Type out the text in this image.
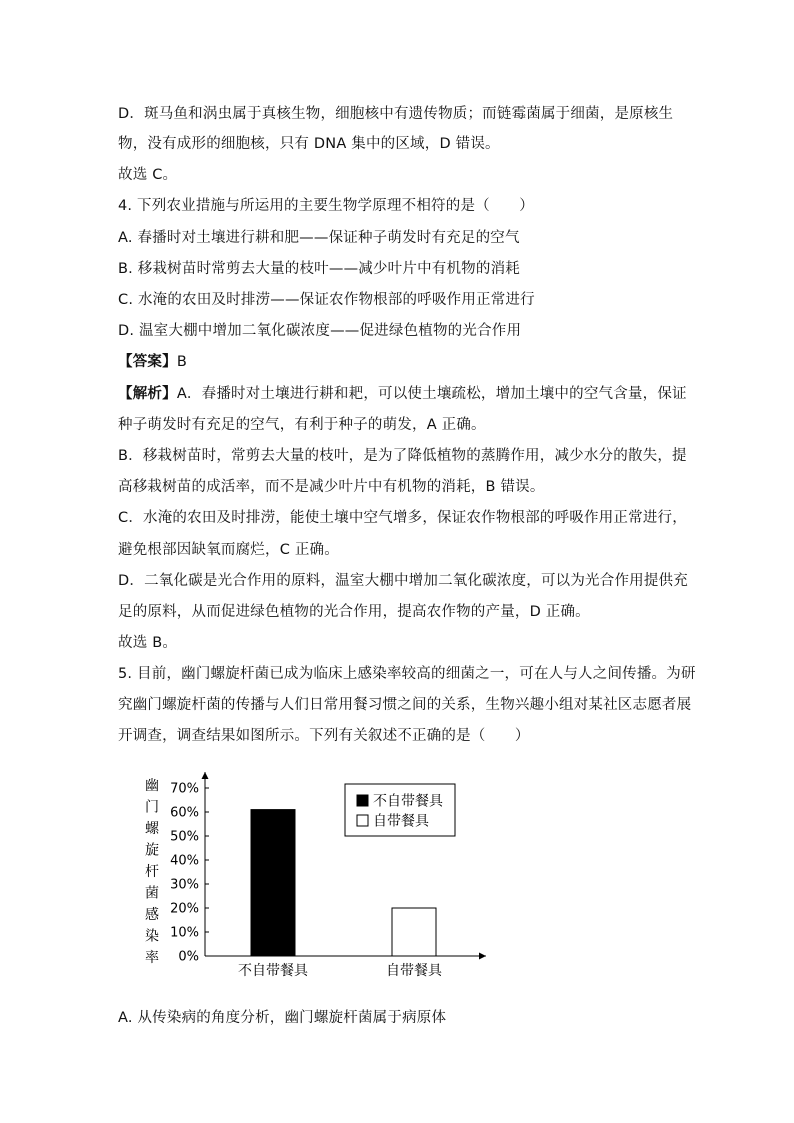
D．斑马鱼和涡虫属于真核生物，细胞核中有遗传物质；而链霉菌属于细菌，是原核生
物，没有成形的细胞核，只有 DNA 集中的区域，D 错误。
故选 C。
4. 下列农业措施与所运用的主要生物学原理不相符的是（　　）
A. 春播时对土壤进行耕和肥——保证种子萌发时有充足的空气
B. 移栽树苗时常剪去大量的枝叶——减少叶片中有机物的消耗
C. 水淹的农田及时排涝——保证农作物根部的呼吸作用正常进行
D. 温室大棚中增加二氧化碳浓度——促进绿色植物的光合作用
【答案】B
【解析】A．春播时对土壤进行耕和耙，可以使土壤疏松，增加土壤中的空气含量，保证
种子萌发时有充足的空气，有利于种子的萌发，A 正确。
B．移栽树苗时，常剪去大量的枝叶，是为了降低植物的蒸腾作用，减少水分的散失，提
高移栽树苗的成活率，而不是减少叶片中有机物的消耗，B 错误。
C．水淹的农田及时排涝，能使土壤中空气增多，保证农作物根部的呼吸作用正常进行，
避免根部因缺氧而腐烂，C 正确。
D．二氧化碳是光合作用的原料，温室大棚中增加二氧化碳浓度，可以为光合作用提供充
足的原料，从而促进绿色植物的光合作用，提高农作物的产量，D 正确。
故选 B。
5. 目前，幽门螺旋杆菌已成为临床上感染率较高的细菌之一，可在人与人之间传播。为研
究幽门螺旋杆菌的传播与人们日常用餐习惯之间的关系，生物兴趣小组对某社区志愿者展
开调查，调查结果如图所示。下列有关叙述不正确的是（　　）
幽
门
螺
旋
杆
菌
感
染
率 0%
10%
20%
30%
40%
50%
60%
70%
不自带餐具	自带餐具
不自带餐具
自带餐具
A. 从传染病的角度分析，幽门螺旋杆菌属于病原体
